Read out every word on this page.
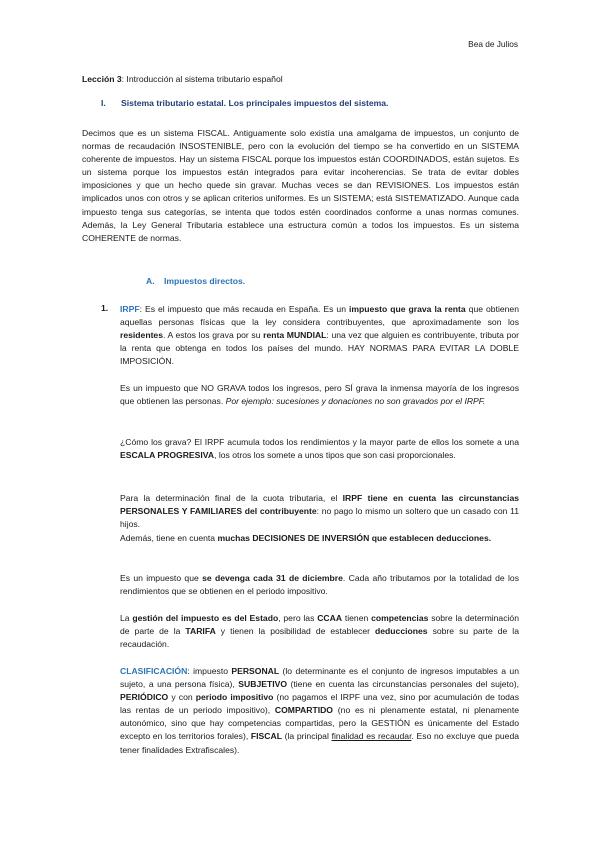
Bea de Julios
Lección 3: Introducción al sistema tributario español
I. Sistema tributario estatal. Los principales impuestos del sistema.
Decimos que es un sistema FISCAL. Antiguamente solo existía una amalgama de impuestos, un conjunto de normas de recaudación INSOSTENIBLE, pero con la evolución del tiempo se ha convertido en un SISTEMA coherente de impuestos. Hay un sistema FISCAL porque los impuestos están COORDINADOS, están sujetos. Es un sistema porque los impuestos están integrados para evitar incoherencias. Se trata de evitar dobles imposiciones y que un hecho quede sin gravar. Muchas veces se dan REVISIONES. Los impuestos están implicados unos con otros y se aplican criterios uniformes. Es un SISTEMA; está SISTEMATIZADO. Aunque cada impuesto tenga sus categorías, se intenta que todos estén coordinados conforme a unas normas comunes. Además, la Ley General Tributaria establece una estructura común a todos los impuestos. Es un sistema COHERENTE de normas.
A. Impuestos directos.
1. IRPF: Es el impuesto que más recauda en España. Es un impuesto que grava la renta que obtienen aquellas personas físicas que la ley considera contribuyentes, que aproximadamente son los residentes. A estos los grava por su renta MUNDIAL: una vez que alguien es contribuyente, tributa por la renta que obtenga en todos los países del mundo. HAY NORMAS PARA EVITAR LA DOBLE IMPOSICIÓN.
Es un impuesto que NO GRAVA todos los ingresos, pero SÍ grava la inmensa mayoría de los ingresos que obtienen las personas. Por ejemplo: sucesiones y donaciones no son gravados por el IRPF.
¿Cómo los grava? El IRPF acumula todos los rendimientos y la mayor parte de ellos los somete a una ESCALA PROGRESIVA, los otros los somete a unos tipos que son casi proporcionales.
Para la determinación final de la cuota tributaria, el IRPF tiene en cuenta las circunstancias PERSONALES Y FAMILIARES del contribuyente: no pago lo mismo un soltero que un casado con 11 hijos.
Además, tiene en cuenta muchas DECISIONES DE INVERSIÓN que establecen deducciones.
Es un impuesto que se devenga cada 31 de diciembre. Cada año tributamos por la totalidad de los rendimientos que se obtienen en el periodo impositivo.
La gestión del impuesto es del Estado, pero las CCAA tienen competencias sobre la determinación de parte de la TARIFA y tienen la posibilidad de establecer deducciones sobre su parte de la recaudación.
CLASIFICACIÓN: impuesto PERSONAL (lo determinante es el conjunto de ingresos imputables a un sujeto, a una persona física), SUBJETIVO (tiene en cuenta las circunstancias personales del sujeto), PERIÓDICO y con periodo impositivo (no pagamos el IRPF una vez, sino por acumulación de todas las rentas de un periodo impositivo), COMPARTIDO (no es ni plenamente estatal, ni plenamente autonómico, sino que hay competencias compartidas, pero la GESTIÓN es únicamente del Estado excepto en los territorios forales), FISCAL (la principal finalidad es recaudar. Eso no excluye que pueda tener finalidades Extrafiscales).
